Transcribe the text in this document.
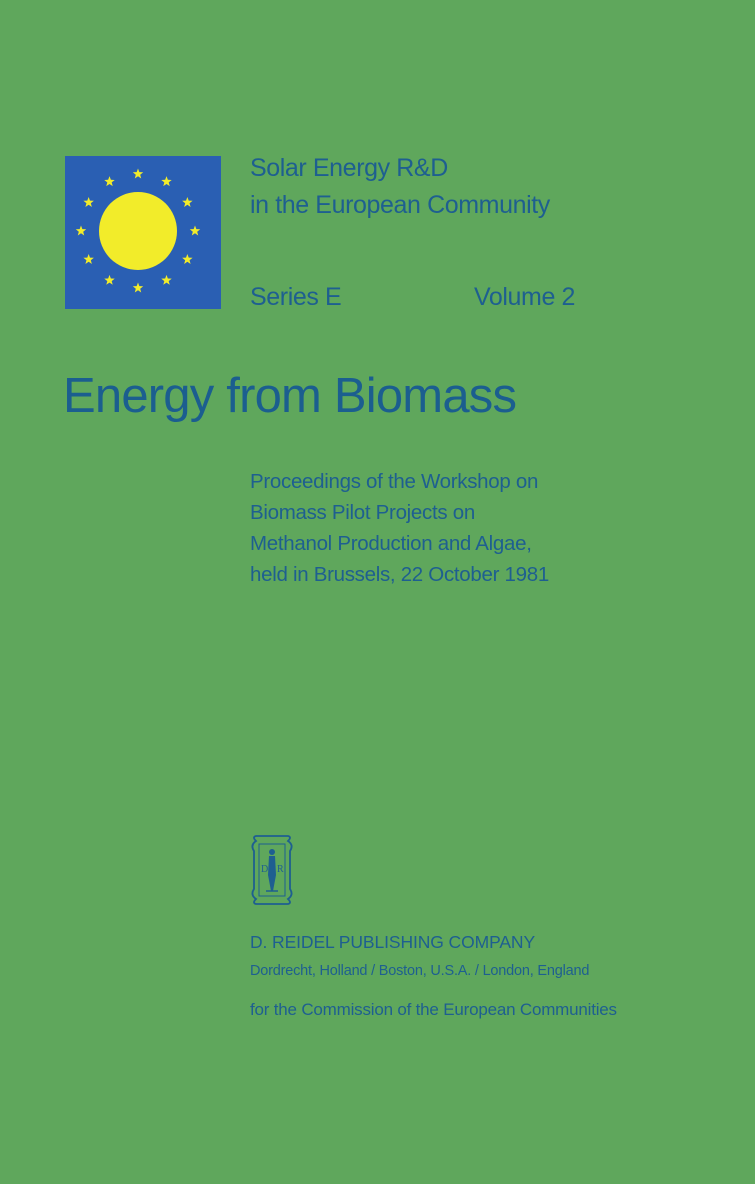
Solar Energy R&D
in the European Community
Series E	Volume 2
Energy from Biomass
Proceedings of the Workshop on
Biomass Pilot Projects on
Methanol Production and Algae,
held in Brussels, 22 October 1981
D R
D. REIDEL PUBLISHING COMPANY
Dordrecht, Holland / Boston, U.S.A. / London, England
for the Commission of the European Communities
